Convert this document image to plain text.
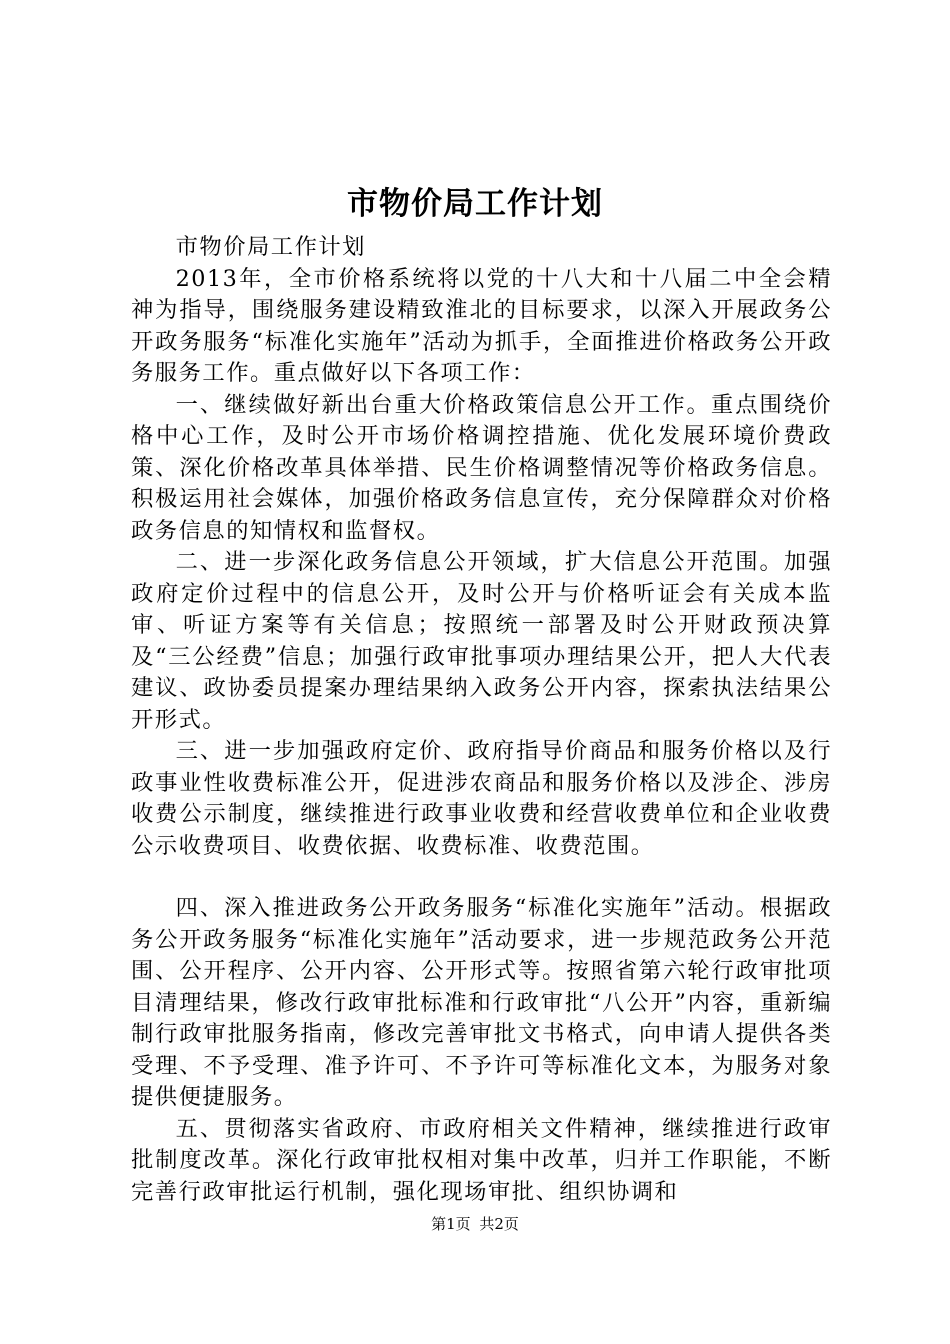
市物价局工作计划

市物价局工作计划

2013年，全市价格系统将以党的十八大和十八届二中全会精神为指导，围绕服务建设精致淮北的目标要求，以深入开展政务公开政务服务“标准化实施年”活动为抓手，全面推进价格政务公开政务服务工作。重点做好以下各项工作：

一、继续做好新出台重大价格政策信息公开工作。重点围绕价格中心工作，及时公开市场价格调控措施、优化发展环境价费政策、深化价格改革具体举措、民生价格调整情况等价格政务信息。积极运用社会媒体，加强价格政务信息宣传，充分保障群众对价格政务信息的知情权和监督权。

二、进一步深化政务信息公开领域，扩大信息公开范围。加强政府定价过程中的信息公开，及时公开与价格听证会有关成本监审、听证方案等有关信息；按照统一部署及时公开财政预决算及“三公经费”信息；加强行政审批事项办理结果公开，把人大代表建议、政协委员提案办理结果纳入政务公开内容，探索执法结果公开形式。

三、进一步加强政府定价、政府指导价商品和服务价格以及行政事业性收费标准公开，促进涉农商品和服务价格以及涉企、涉房收费公示制度，继续推进行政事业收费和经营收费单位和企业收费公示收费项目、收费依据、收费标准、收费范围。

四、深入推进政务公开政务服务“标准化实施年”活动。根据政务公开政务服务“标准化实施年”活动要求，进一步规范政务公开范围、公开程序、公开内容、公开形式等。按照省第六轮行政审批项目清理结果，修改行政审批标准和行政审批“八公开”内容，重新编制行政审批服务指南，修改完善审批文书格式，向申请人提供各类受理、不予受理、准予许可、不予许可等标准化文本，为服务对象提供便捷服务。

五、贯彻落实省政府、市政府相关文件精神，继续推进行政审批制度改革。深化行政审批权相对集中改革，归并工作职能，不断完善行政审批运行机制，强化现场审批、组织协调和

第1页 共2页
